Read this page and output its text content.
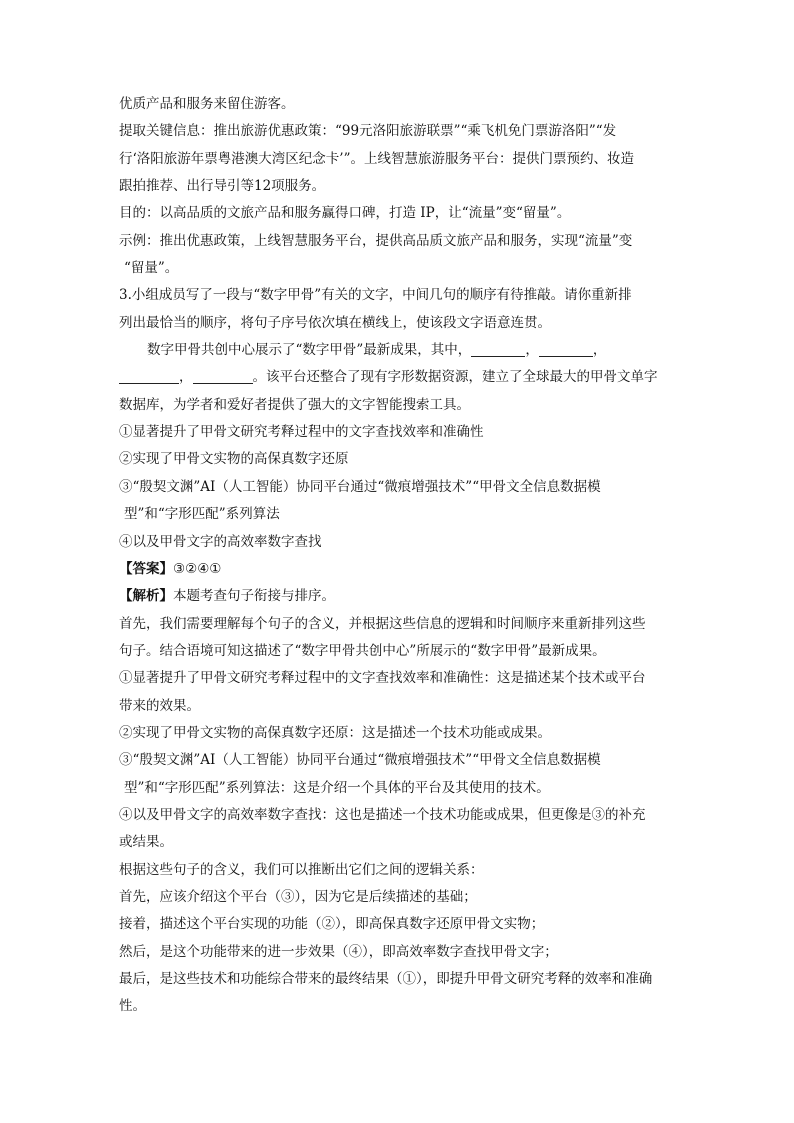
优质产品和服务来留住游客。
提取关键信息：推出旅游优惠政策：“99元洛阳旅游联票”“乘飞机免门票游洛阳”“发
行‘洛阳旅游年票粤港澳大湾区纪念卡’”。上线智慧旅游服务平台：提供门票预约、妆造
跟拍推荐、出行导引等12项服务。
目的：以高品质的文旅产品和服务赢得口碑，打造 IP，让“流量”变“留量”。
示例：推出优惠政策，上线智慧服务平台，提供高品质文旅产品和服务，实现“流量”变
“留量”。
3.小组成员写了一段与“数字甲骨”有关的文字，中间几句的顺序有待推敲。请你重新排
列出最恰当的顺序，将句子序号依次填在横线上，使该段文字语意连贯。
数字甲骨共创中心展示了“数字甲骨”最新成果，其中，	，	，
，	。该平台还整合了现有字形数据资源，建立了全球最大的甲骨文单字
数据库，为学者和爱好者提供了强大的文字智能搜索工具。
①显著提升了甲骨文研究考释过程中的文字查找效率和准确性
②实现了甲骨文实物的高保真数字还原
③“殷契文渊”AI（人工智能）协同平台通过“微痕增强技术”“甲骨文全信息数据模
型”和“字形匹配”系列算法
④以及甲骨文字的高效率数字查找
【答案】③②④①
【解析】本题考查句子衔接与排序。
首先，我们需要理解每个句子的含义，并根据这些信息的逻辑和时间顺序来重新排列这些
句子。结合语境可知这描述了“数字甲骨共创中心”所展示的“数字甲骨”最新成果。
①显著提升了甲骨文研究考释过程中的文字查找效率和准确性：这是描述某个技术或平台
带来的效果。
②实现了甲骨文实物的高保真数字还原：这是描述一个技术功能或成果。
③“殷契文渊”AI（人工智能）协同平台通过“微痕增强技术”“甲骨文全信息数据模
型”和“字形匹配”系列算法：这是介绍一个具体的平台及其使用的技术。
④以及甲骨文字的高效率数字查找：这也是描述一个技术功能或成果，但更像是③的补充
或结果。
根据这些句子的含义，我们可以推断出它们之间的逻辑关系：
首先，应该介绍这个平台（③），因为它是后续描述的基础；
接着，描述这个平台实现的功能（②），即高保真数字还原甲骨文实物；
然后，是这个功能带来的进一步效果（④），即高效率数字查找甲骨文字；
最后，是这些技术和功能综合带来的最终结果（①），即提升甲骨文研究考释的效率和准确
性。
